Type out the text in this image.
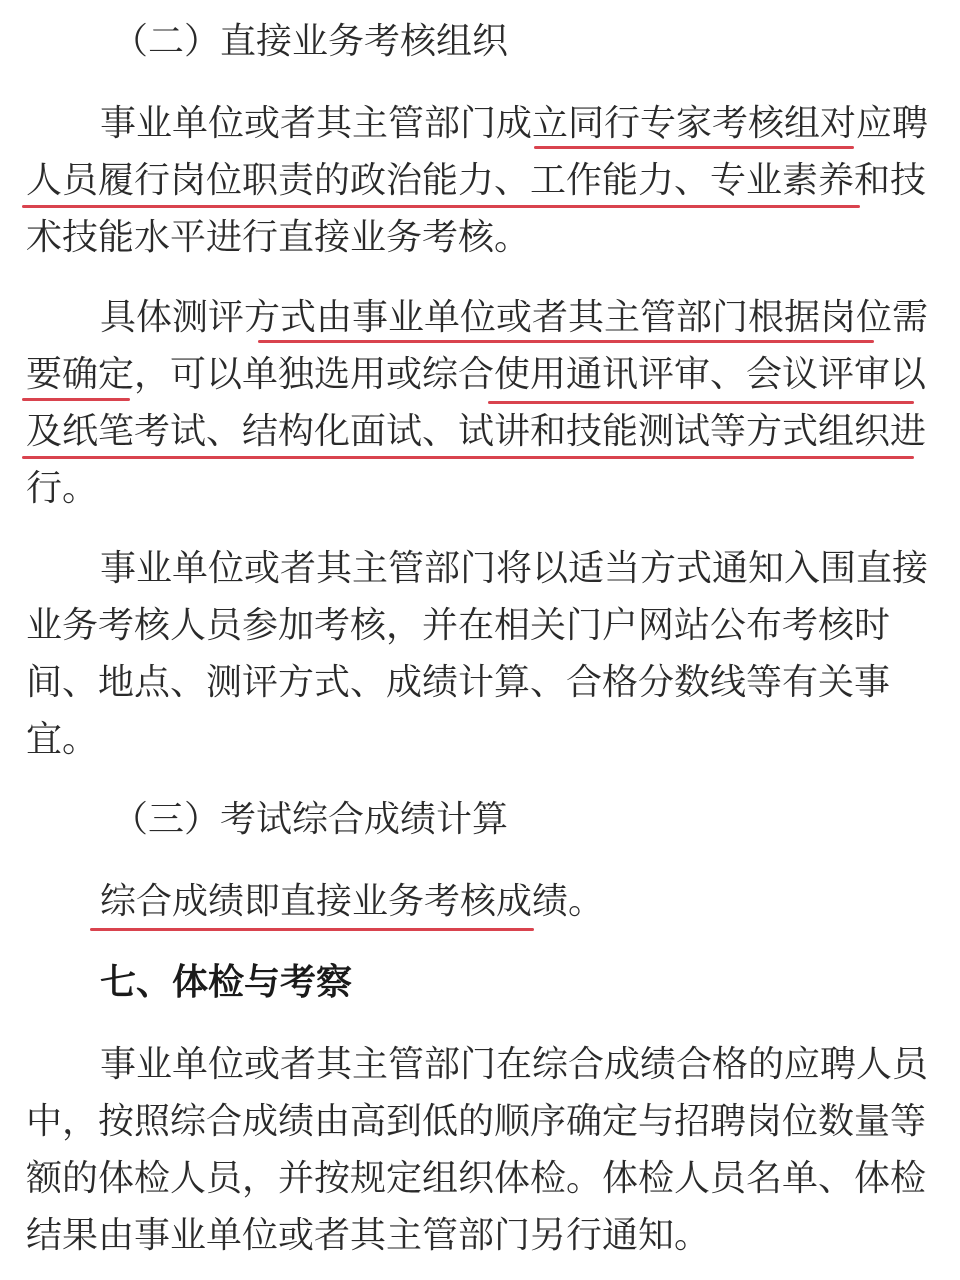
（二）直接业务考核组织
事业单位或者其主管部门成立同行专家考核组对应聘
人员履行岗位职责的政治能力、工作能力、专业素养和技
术技能水平进行直接业务考核。
具体测评方式由事业单位或者其主管部门根据岗位需
要确定，可以单独选用或综合使用通讯评审、会议评审以
及纸笔考试、结构化面试、试讲和技能测试等方式组织进
行。
事业单位或者其主管部门将以适当方式通知入围直接
业务考核人员参加考核，并在相关门户网站公布考核时
间、地点、测评方式、成绩计算、合格分数线等有关事
宜。
（三）考试综合成绩计算
综合成绩即直接业务考核成绩。
七、体检与考察
事业单位或者其主管部门在综合成绩合格的应聘人员
中，按照综合成绩由高到低的顺序确定与招聘岗位数量等
额的体检人员，并按规定组织体检。体检人员名单、体检
结果由事业单位或者其主管部门另行通知。
